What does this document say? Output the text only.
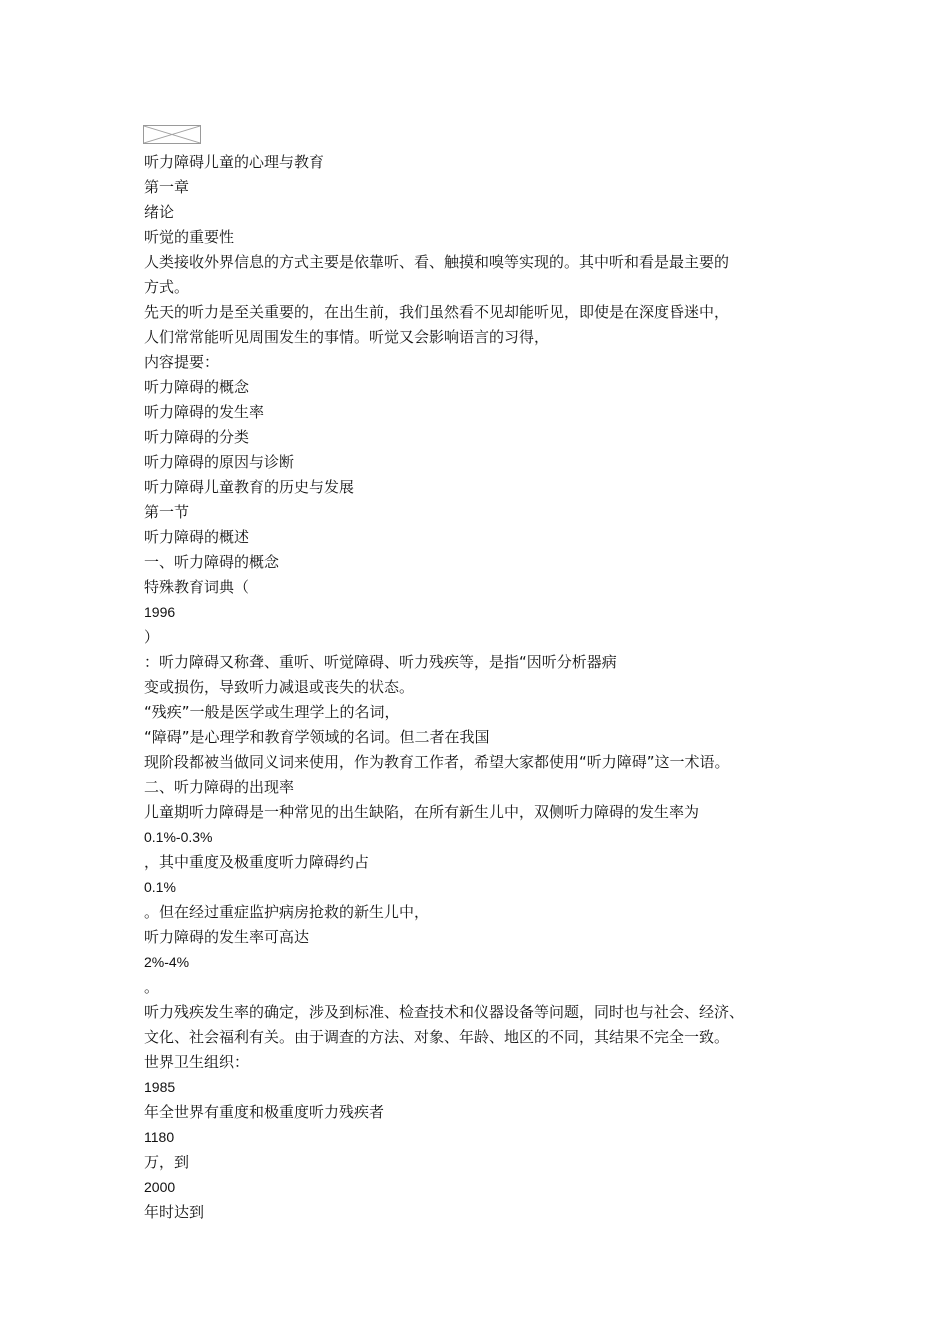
听力障碍儿童的心理与教育
第一章
绪论
听觉的重要性
人类接收外界信息的方式主要是依靠听、看、触摸和嗅等实现的。其中听和看是最主要的
方式。
先天的听力是至关重要的，在出生前，我们虽然看不见却能听见，即使是在深度昏迷中，
人们常常能听见周围发生的事情。听觉又会影响语言的习得，
内容提要：
听力障碍的概念
听力障碍的发生率
听力障碍的分类
听力障碍的原因与诊断
听力障碍儿童教育的历史与发展
第一节
听力障碍的概述
一、听力障碍的概念
特殊教育词典（
1996
）
：听力障碍又称聋、重听、听觉障碍、听力残疾等，是指“因听分析器病
变或损伤，导致听力减退或丧失的状态。
“残疾”一般是医学或生理学上的名词，
“障碍”是心理学和教育学领域的名词。但二者在我国
现阶段都被当做同义词来使用，作为教育工作者，希望大家都使用“听力障碍”这一术语。
二、听力障碍的出现率
儿童期听力障碍是一种常见的出生缺陷，在所有新生儿中，双侧听力障碍的发生率为
0.1%-0.3%
，其中重度及极重度听力障碍约占
0.1%
。但在经过重症监护病房抢救的新生儿中，
听力障碍的发生率可高达
2%-4%
。
听力残疾发生率的确定，涉及到标准、检查技术和仪器设备等问题，同时也与社会、经济、
文化、社会福利有关。由于调查的方法、对象、年龄、地区的不同，其结果不完全一致。
世界卫生组织：
1985
年全世界有重度和极重度听力残疾者
1180
万，到
2000
年时达到
